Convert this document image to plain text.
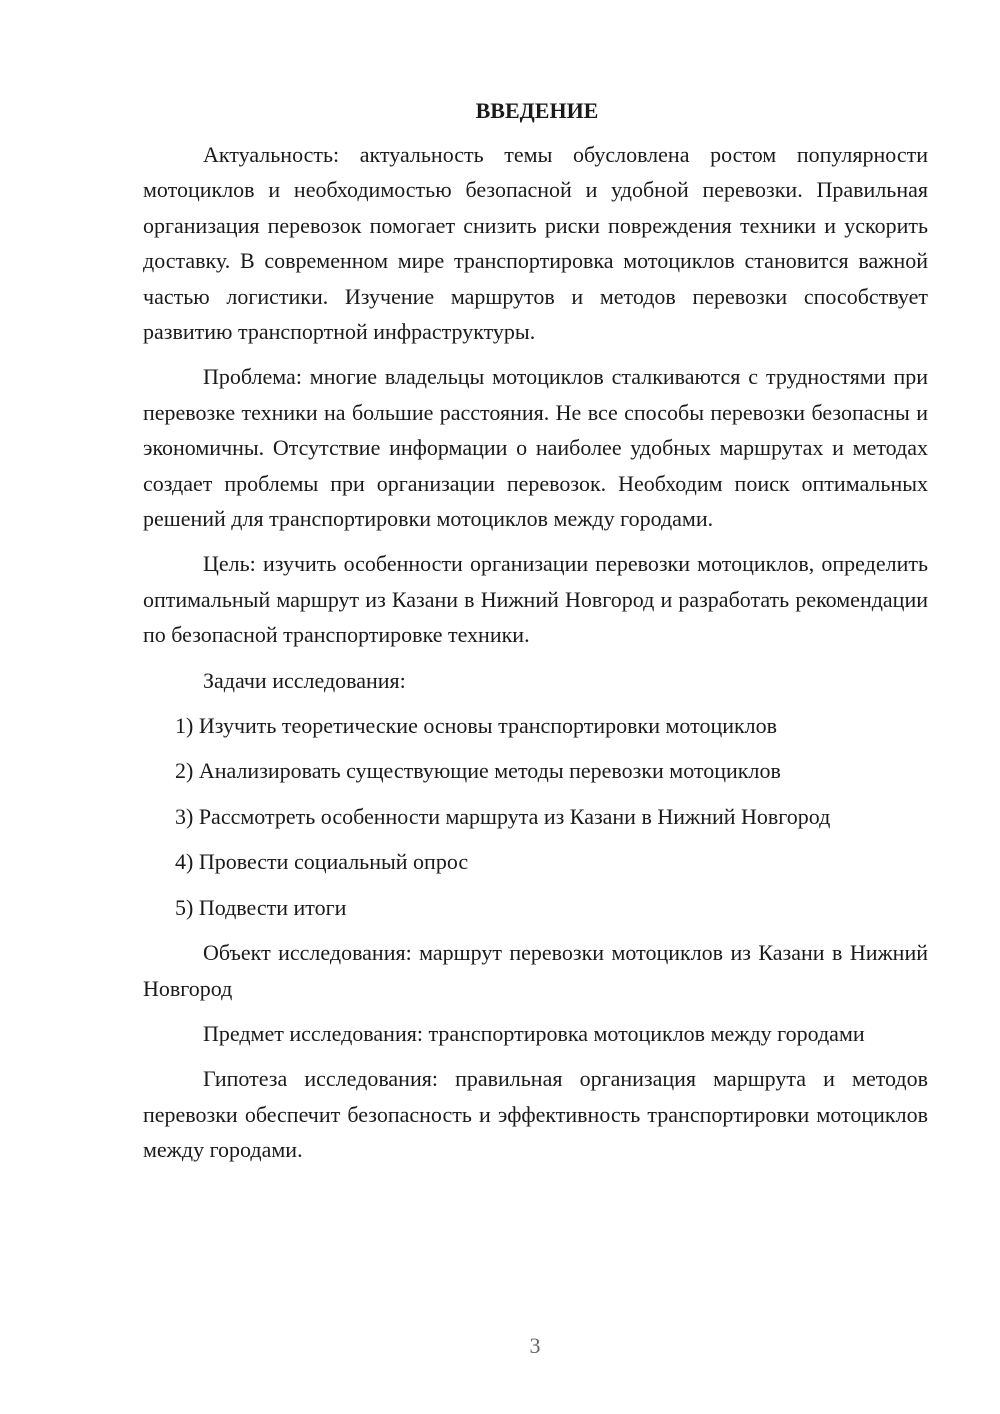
ВВЕДЕНИЕ

Актуальность: актуальность темы обусловлена ростом популярности мотоциклов и необходимостью безопасной и удобной перевозки. Правильная организация перевозок помогает снизить риски повреждения техники и ускорить доставку. В современном мире транспортировка мотоциклов становится важной частью логистики. Изучение маршрутов и методов перевозки способствует развитию транспортной инфраструктуры.

Проблема: многие владельцы мотоциклов сталкиваются с трудностями при перевозке техники на большие расстояния. Не все способы перевозки безопасны и экономичны. Отсутствие информации о наиболее удобных маршрутах и методах создает проблемы при организации перевозок. Необходим поиск оптимальных решений для транспортировки мотоциклов между городами.

Цель: изучить особенности организации перевозки мотоциклов, определить оптимальный маршрут из Казани в Нижний Новгород и разработать рекомендации по безопасной транспортировке техники.

Задачи исследования:

1) Изучить теоретические основы транспортировки мотоциклов
2) Анализировать существующие методы перевозки мотоциклов
3) Рассмотреть особенности маршрута из Казани в Нижний Новгород
4) Провести социальный опрос
5) Подвести итоги

Объект исследования: маршрут перевозки мотоциклов из Казани в Нижний Новгород

Предмет исследования: транспортировка мотоциклов между городами

Гипотеза исследования: правильная организация маршрута и методов перевозки обеспечит безопасность и эффективность транспортировки мотоциклов между городами.

3
